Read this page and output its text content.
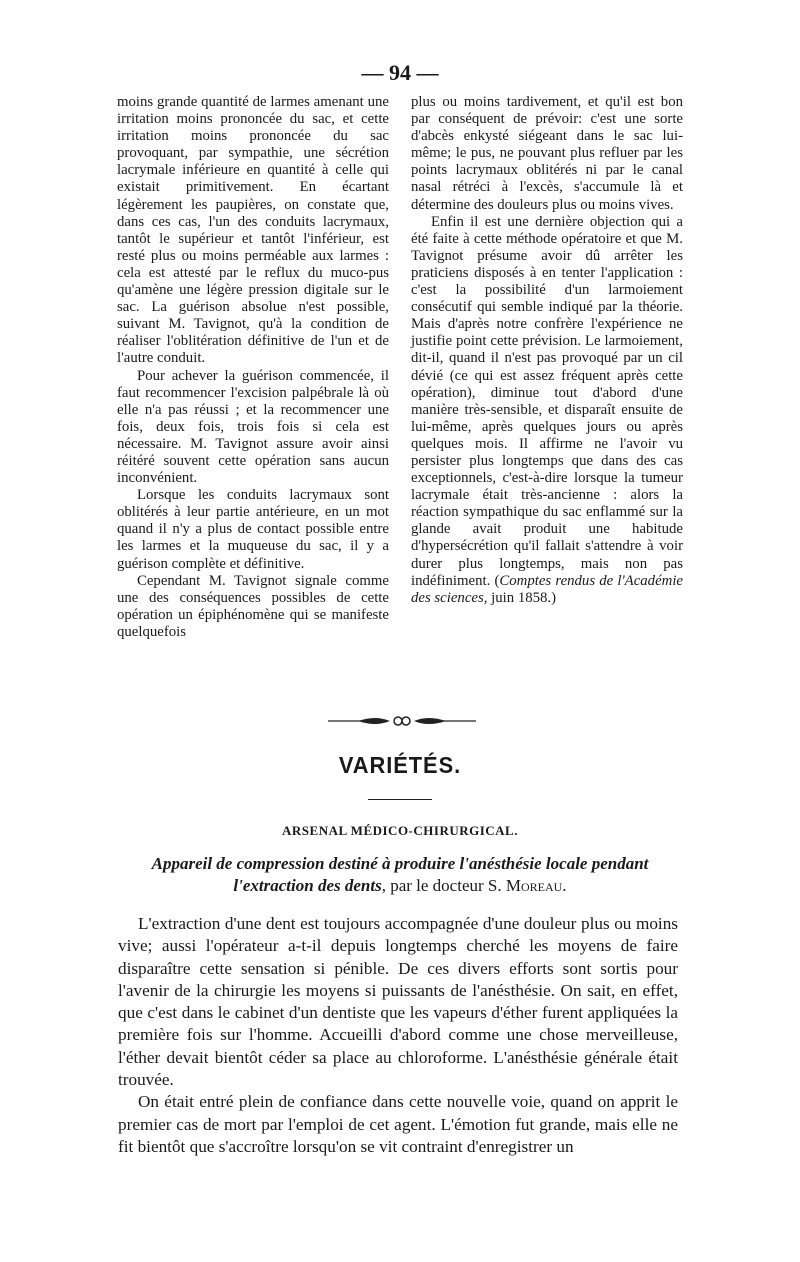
— 94 —

moins grande quantité de larmes amenant une irritation moins prononcée du sac, et cette irritation moins prononcée du sac provoquant, par sympathie, une sécrétion lacrymale inférieure en quantité à celle qui existait primitivement. En écartant légèrement les paupières, on constate que, dans ces cas, l'un des conduits lacrymaux, tantôt le supérieur et tantôt l'inférieur, est resté plus ou moins perméable aux larmes : cela est attesté par le reflux du muco-pus qu'amène une légère pression digitale sur le sac. La guérison absolue n'est possible, suivant M. Tavignot, qu'à la condition de réaliser l'oblitération définitive de l'un et de l'autre conduit.

Pour achever la guérison commencée, il faut recommencer l'excision palpébrale là où elle n'a pas réussi ; et la recommencer une fois, deux fois, trois fois si cela est nécessaire. M. Tavignot assure avoir ainsi réitéré souvent cette opération sans aucun inconvénient.

Lorsque les conduits lacrymaux sont oblitérés à leur partie antérieure, en un mot quand il n'y a plus de contact possible entre les larmes et la muqueuse du sac, il y a guérison complète et définitive.

Cependant M. Tavignot signale comme une des conséquences possibles de cette opération un épiphénomène qui se manifeste quelquefois

plus ou moins tardivement, et qu'il est bon par conséquent de prévoir: c'est une sorte d'abcès enkysté siégeant dans le sac lui-même; le pus, ne pouvant plus refluer par les points lacrymaux oblitérés ni par le canal nasal rétréci à l'excès, s'accumule là et détermine des douleurs plus ou moins vives.

Enfin il est une dernière objection qui a été faite à cette méthode opératoire et que M. Tavignot présume avoir dû arrêter les praticiens disposés à en tenter l'application : c'est la possibilité d'un larmoiement consécutif qui semble indiqué par la théorie. Mais d'après notre confrère l'expérience ne justifie point cette prévision. Le larmoiement, dit-il, quand il n'est pas provoqué par un cil dévié (ce qui est assez fréquent après cette opération), diminue tout d'abord d'une manière très-sensible, et disparaît ensuite de lui-même, après quelques jours ou après quelques mois. Il affirme ne l'avoir vu persister plus longtemps que dans des cas exceptionnels, c'est-à-dire lorsque la tumeur lacrymale était très-ancienne : alors la réaction sympathique du sac enflammé sur la glande avait produit une habitude d'hypersécrétion qu'il fallait s'attendre à voir durer plus longtemps, mais non pas indéfiniment. (Comptes rendus de l'Académie des sciences, juin 1858.)

VARIÉTÉS.
ARSENAL MÉDICO-CHIRURGICAL.
Appareil de compression destiné à produire l'anésthésie locale pendant l'extraction des dents, par le docteur S. Moreau.

L'extraction d'une dent est toujours accompagnée d'une douleur plus ou moins vive; aussi l'opérateur a-t-il depuis longtemps cherché les moyens de faire disparaître cette sensation si pénible. De ces divers efforts sont sortis pour l'avenir de la chirurgie les moyens si puissants de l'anésthésie. On sait, en effet, que c'est dans le cabinet d'un dentiste que les vapeurs d'éther furent appliquées la première fois sur l'homme. Accueilli d'abord comme une chose merveilleuse, l'éther devait bientôt céder sa place au chloroforme. L'anésthésie générale était trouvée.

On était entré plein de confiance dans cette nouvelle voie, quand on apprit le premier cas de mort par l'emploi de cet agent. L'émotion fut grande, mais elle ne fit bientôt que s'accroître lorsqu'on se vit contraint d'enregistrer un
